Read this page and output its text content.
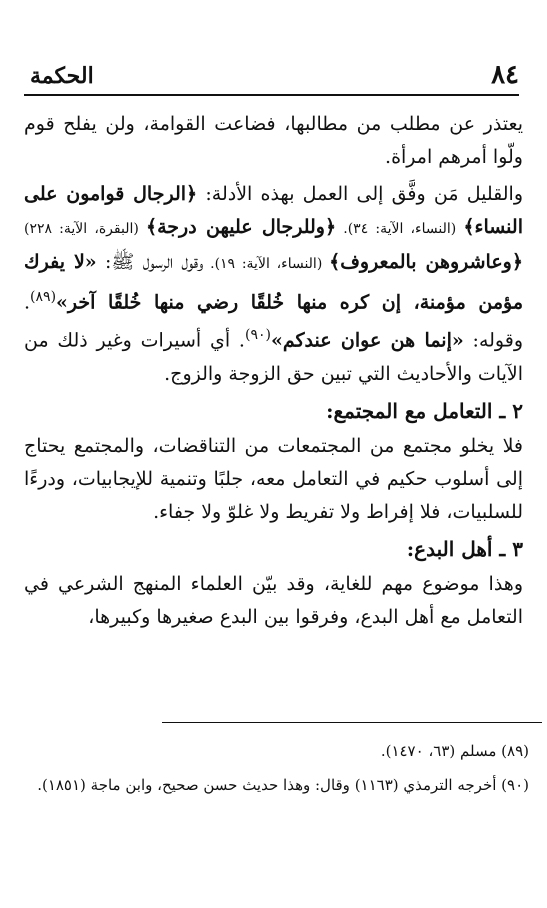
٨٤
الحكمة

يعتذر عن مطلب من مطالبها، فضاعت القوامة، ولن يفلح قوم ولّوا أمرهم امرأة.

والقليل مَن وفَّق إلى العمل بهذه الأدلة: ﴿الرجال قوامون على النساء﴾ (النساء، الآية: ٣٤). ﴿وللرجال عليهن درجة﴾ (البقرة، الآية: ٢٢٨) ﴿وعاشروهن بالمعروف﴾ (النساء، الآية: ١٩). وقول الرسول ﷺ: «لا يفرك مؤمن مؤمنة، إن كره منها خُلقًا رضي منها خُلقًا آخر»$^{(٨٩)}$. وقوله: «إنما هن عوان عندكم»$^{(٩٠)}$. أي أسيرات وغير ذلك من الآيات والأحاديث التي تبين حق الزوجة والزوج.

٢ ـ التعامل مع المجتمع:

فلا يخلو مجتمع من المجتمعات من التناقضات، والمجتمع يحتاج إلى أسلوب حكيم في التعامل معه، جلبًا وتنمية للإيجابيات، ودرءًا للسلبيات، فلا إفراط ولا تفريط ولا غلوّ ولا جفاء.

٣ ـ أهل البدع:

وهذا موضوع مهم للغاية، وقد بيّن العلماء المنهج الشرعي في التعامل مع أهل البدع، وفرقوا بين البدع صغيرها وكبيرها،

(٨٩) مسلم (٦٣، ١٤٧٠).

(٩٠) أخرجه الترمذي (١١٦٣) وقال: وهذا حديث حسن صحيح، وابن ماجة (١٨٥١).
